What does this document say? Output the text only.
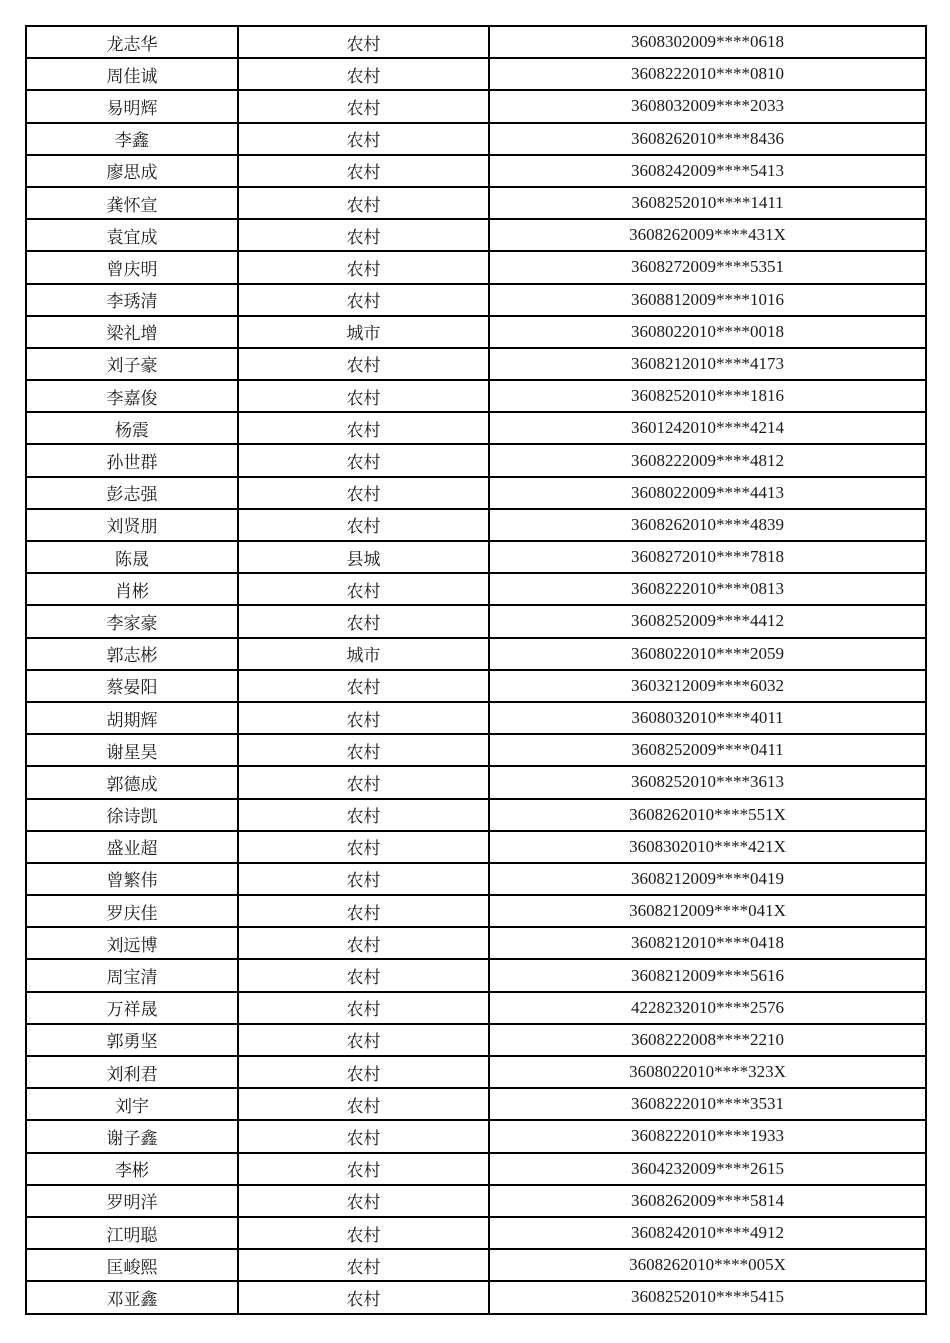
龙志华	农村	3608302009****0618
周佳诚	农村	3608222010****0810
易明辉	农村	3608032009****2033
李鑫	农村	3608262010****8436
廖思成	农村	3608242009****5413
龚怀宣	农村	3608252010****1411
袁宜成	农村	3608262009****431X
曾庆明	农村	3608272009****5351
李琇清	农村	3608812009****1016
梁礼增	城市	3608022010****0018
刘子豪	农村	3608212010****4173
李嘉俊	农村	3608252010****1816
杨震	农村	3601242010****4214
孙世群	农村	3608222009****4812
彭志强	农村	3608022009****4413
刘贤朋	农村	3608262010****4839
陈晟	县城	3608272010****7818
肖彬	农村	3608222010****0813
李家豪	农村	3608252009****4412
郭志彬	城市	3608022010****2059
蔡晏阳	农村	3603212009****6032
胡期辉	农村	3608032010****4011
谢星昊	农村	3608252009****0411
郭德成	农村	3608252010****3613
徐诗凯	农村	3608262010****551X
盛业超	农村	3608302010****421X
曾繁伟	农村	3608212009****0419
罗庆佳	农村	3608212009****041X
刘远博	农村	3608212010****0418
周宝清	农村	3608212009****5616
万祥晟	农村	4228232010****2576
郭勇坚	农村	3608222008****2210
刘利君	农村	3608022010****323X
刘宇	农村	3608222010****3531
谢子鑫	农村	3608222010****1933
李彬	农村	3604232009****2615
罗明洋	农村	3608262009****5814
江明聪	农村	3608242010****4912
匡峻熙	农村	3608262010****005X
邓亚鑫	农村	3608252010****5415
